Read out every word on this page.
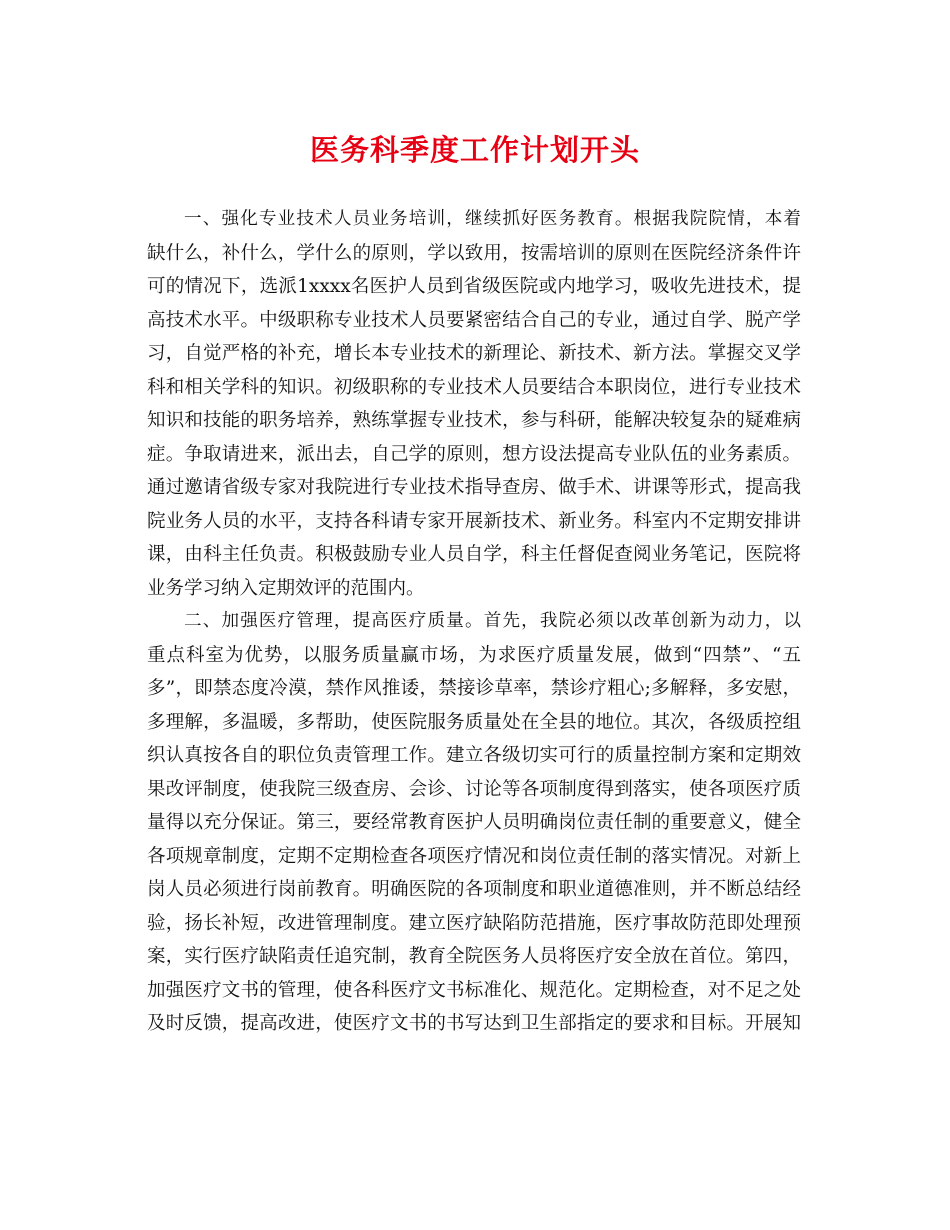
医务科季度工作计划开头
一、强化专业技术人员业务培训，继续抓好医务教育。根据我院院情，本着
缺什么，补什么，学什么的原则，学以致用，按需培训的原则在医院经济条件许
可的情况下，选派1xxxx名医护人员到省级医院或内地学习，吸收先进技术，提
高技术水平。中级职称专业技术人员要紧密结合自己的专业，通过自学、脱产学
习，自觉严格的补充，增长本专业技术的新理论、新技术、新方法。掌握交叉学
科和相关学科的知识。初级职称的专业技术人员要结合本职岗位，进行专业技术
知识和技能的职务培养，熟练掌握专业技术，参与科研，能解决较复杂的疑难病
症。争取请进来，派出去，自己学的原则，想方设法提高专业队伍的业务素质。
通过邀请省级专家对我院进行专业技术指导查房、做手术、讲课等形式，提高我
院业务人员的水平，支持各科请专家开展新技术、新业务。科室内不定期安排讲
课，由科主任负责。积极鼓励专业人员自学，科主任督促查阅业务笔记，医院将
业务学习纳入定期效评的范围内。
二、加强医疗管理，提高医疗质量。首先，我院必须以改革创新为动力，以
重点科室为优势，以服务质量赢市场，为求医疗质量发展，做到“四禁”、“五
多”，即禁态度冷漠，禁作风推诿，禁接诊草率，禁诊疗粗心;多解释，多安慰，
多理解，多温暖，多帮助，使医院服务质量处在全县的地位。其次，各级质控组
织认真按各自的职位负责管理工作。建立各级切实可行的质量控制方案和定期效
果改评制度，使我院三级查房、会诊、讨论等各项制度得到落实，使各项医疗质
量得以充分保证。第三，要经常教育医护人员明确岗位责任制的重要意义，健全
各项规章制度，定期不定期检查各项医疗情况和岗位责任制的落实情况。对新上
岗人员必须进行岗前教育。明确医院的各项制度和职业道德准则，并不断总结经
验，扬长补短，改进管理制度。建立医疗缺陷防范措施，医疗事故防范即处理预
案，实行医疗缺陷责任追究制，教育全院医务人员将医疗安全放在首位。第四，
加强医疗文书的管理，使各科医疗文书标准化、规范化。定期检查，对不足之处
及时反馈，提高改进，使医疗文书的书写达到卫生部指定的要求和目标。开展知
